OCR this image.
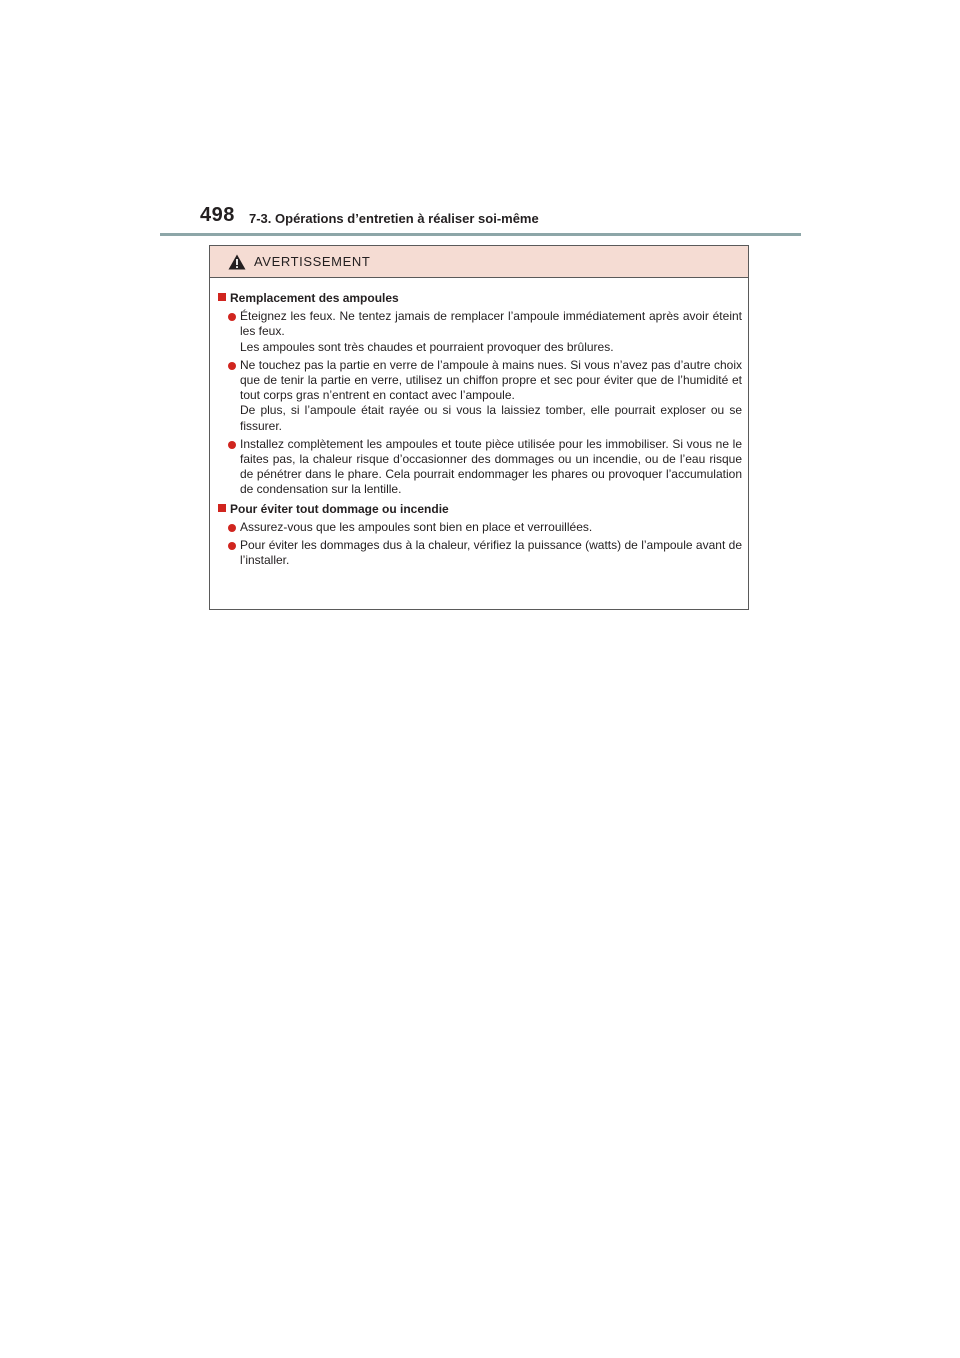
498 7-3. Opérations d’entretien à réaliser soi-même
AVERTISSEMENT
Remplacement des ampoules

Éteignez les feux. Ne tentez jamais de remplacer l’ampoule immédiatement après avoir éteint les feux.

Les ampoules sont très chaudes et pourraient provoquer des brûlures.

Ne touchez pas la partie en verre de l’ampoule à mains nues. Si vous n’avez pas d’autre choix que de tenir la partie en verre, utilisez un chiffon propre et sec pour éviter que de l’humidité et tout corps gras n’entrent en contact avec l’ampoule.

De plus, si l’ampoule était rayée ou si vous la laissiez tomber, elle pourrait exploser ou se fissurer.

Installez complètement les ampoules et toute pièce utilisée pour les immobiliser. Si vous ne le faites pas, la chaleur risque d’occasionner des dommages ou un incendie, ou de l’eau risque de pénétrer dans le phare. Cela pourrait endommager les phares ou provoquer l’accumulation de condensation sur la lentille.

Pour éviter tout dommage ou incendie

Assurez-vous que les ampoules sont bien en place et verrouillées.

Pour éviter les dommages dus à la chaleur, vérifiez la puissance (watts) de l’ampoule avant de l’installer.
